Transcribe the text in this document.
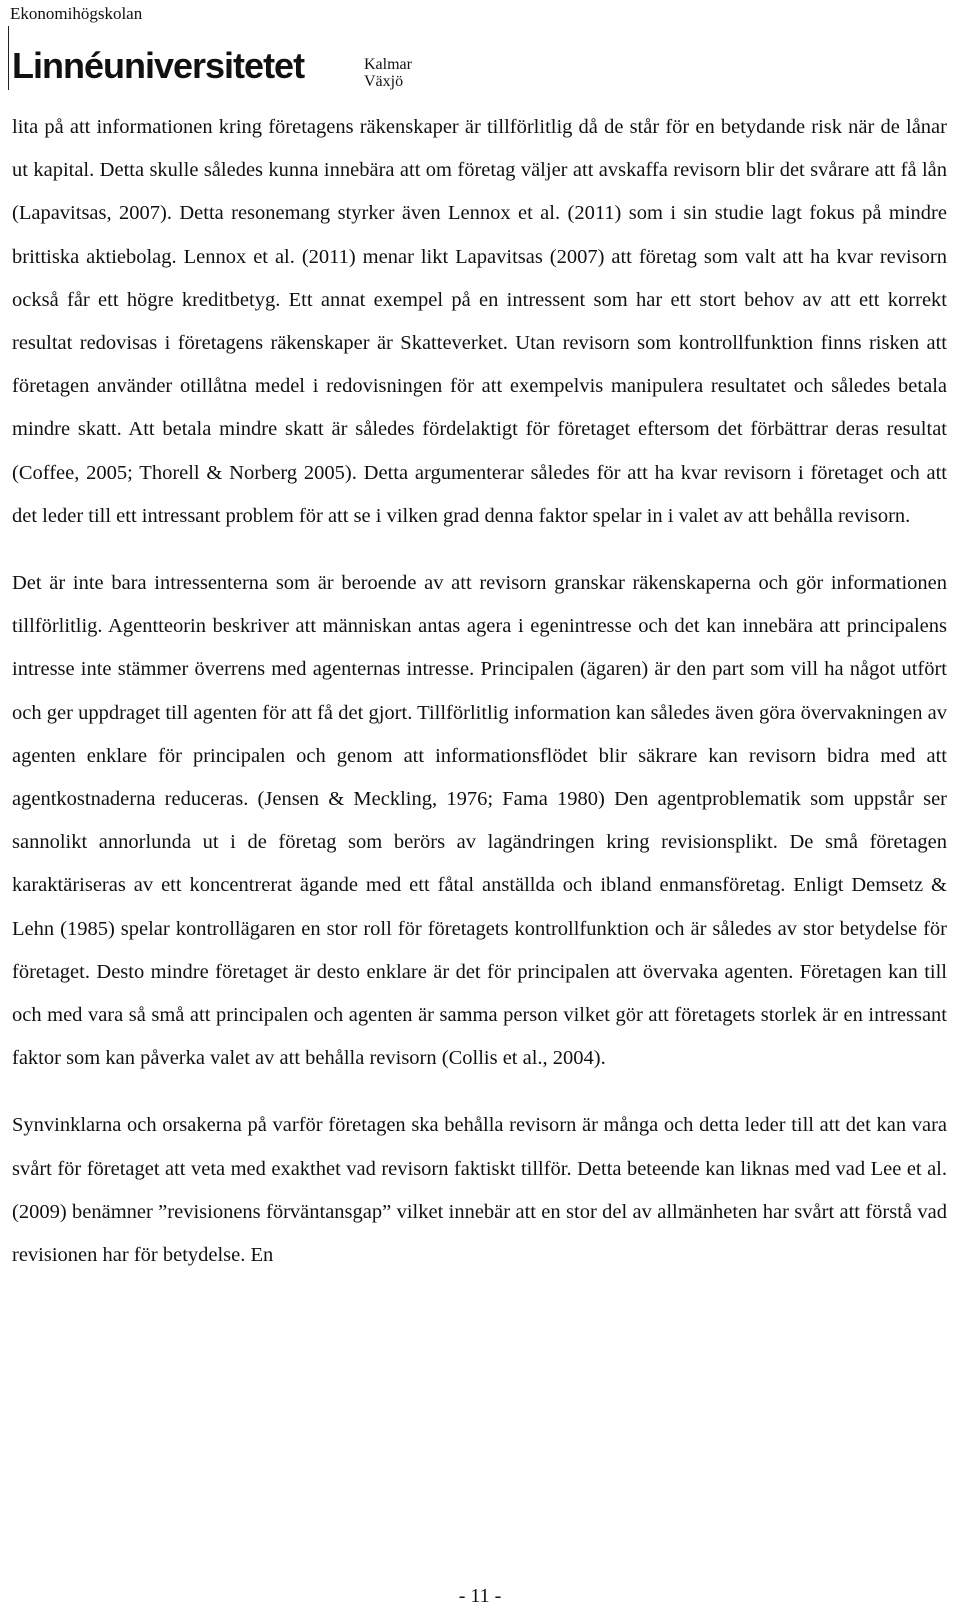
Ekonomihögskolan
Linnéuniversitetet	Kalmar
Växjö

lita på att informationen kring företagens räkenskaper är tillförlitlig då de står för en betydande risk när de lånar ut kapital. Detta skulle således kunna innebära att om företag väljer att avskaffa revisorn blir det svårare att få lån (Lapavitsas, 2007). Detta resonemang styrker även Lennox et al. (2011) som i sin studie lagt fokus på mindre brittiska aktiebolag. Lennox et al. (2011) menar likt Lapavitsas (2007) att företag som valt att ha kvar revisorn också får ett högre kreditbetyg. Ett annat exempel på en intressent som har ett stort behov av att ett korrekt resultat redovisas i företagens räkenskaper är Skatteverket. Utan revisorn som kontrollfunktion finns risken att företagen använder otillåtna medel i redovisningen för att exempelvis manipulera resultatet och således betala mindre skatt. Att betala mindre skatt är således fördelaktigt för företaget eftersom det förbättrar deras resultat (Coffee, 2005; Thorell & Norberg 2005). Detta argumenterar således för att ha kvar revisorn i företaget och att det leder till ett intressant problem för att se i vilken grad denna faktor spelar in i valet av att behålla revisorn.

Det är inte bara intressenterna som är beroende av att revisorn granskar räkenskaperna och gör informationen tillförlitlig. Agentteorin beskriver att människan antas agera i egenintresse och det kan innebära att principalens intresse inte stämmer överrens med agenternas intresse. Principalen (ägaren) är den part som vill ha något utfört och ger uppdraget till agenten för att få det gjort. Tillförlitlig information kan således även göra övervakningen av agenten enklare för principalen och genom att informationsflödet blir säkrare kan revisorn bidra med att agentkostnaderna reduceras. (Jensen & Meckling, 1976; Fama 1980) Den agentproblematik som uppstår ser sannolikt annorlunda ut i de företag som berörs av lagändringen kring revisionsplikt. De små företagen karaktäriseras av ett koncentrerat ägande med ett fåtal anställda och ibland enmansföretag. Enligt Demsetz & Lehn (1985) spelar kontrollägaren en stor roll för företagets kontrollfunktion och är således av stor betydelse för företaget. Desto mindre företaget är desto enklare är det för principalen att övervaka agenten. Företagen kan till och med vara så små att principalen och agenten är samma person vilket gör att företagets storlek är en intressant faktor som kan påverka valet av att behålla revisorn (Collis et al., 2004).

Synvinklarna och orsakerna på varför företagen ska behålla revisorn är många och detta leder till att det kan vara svårt för företaget att veta med exakthet vad revisorn faktiskt tillför. Detta beteende kan liknas med vad Lee et al. (2009) benämner ”revisionens förväntansgap” vilket innebär att en stor del av allmänheten har svårt att förstå vad revisionen har för betydelse. En

- 11 -
